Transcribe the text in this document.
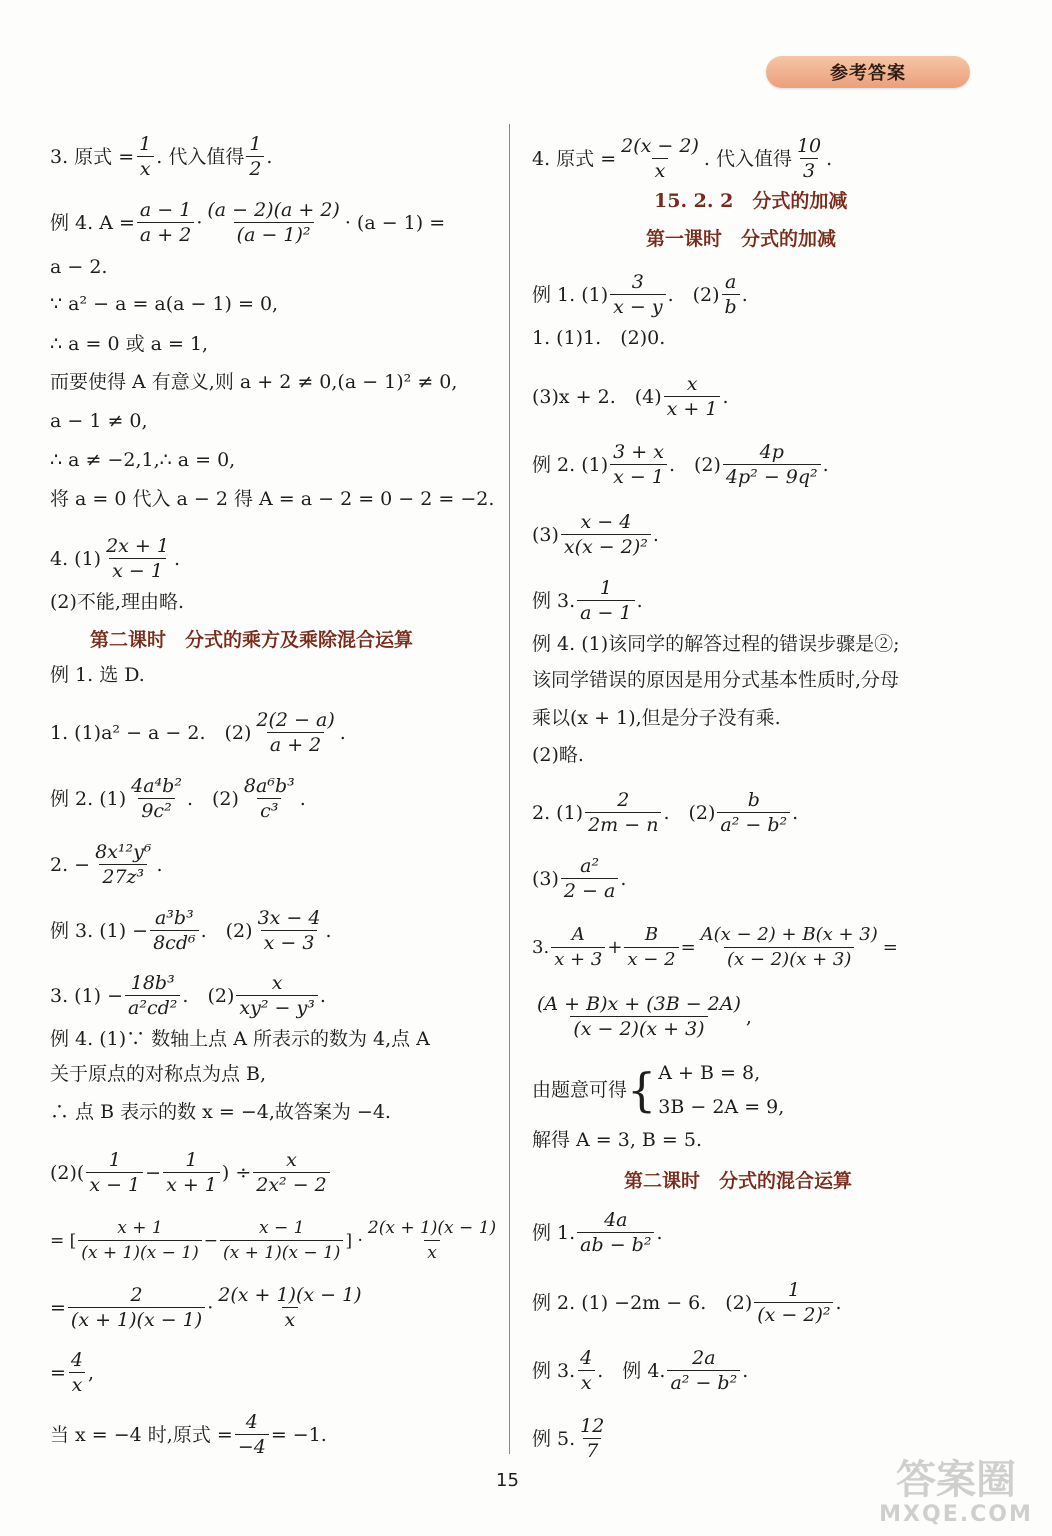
参考答案
3. 原式 = $\frac{1}{x}$ . 代入值得 $\frac{1}{2}$ .
例 4. $A = \frac{a - 1}{a + 2} \cdot \frac{(a - 2)(a + 2)}{\text{(a − 1)²}} \cdot (a - 1)$ =
a − 2.
∵ a² − a = a(a − 1) = 0,
∴ a = 0 或 a = 1,
而要使得 A 有意义,则 a + 2 ≠ 0,(a − 1)² ≠ 0,
a − 1 ≠ 0,
∴ a ≠ −2,1,∴ a = 0,
将 a = 0 代入 a − 2 得 A = a − 2 = 0 − 2 = −2.
4. $(1) \frac{2x + 1}{x - 1}$ .
(2)不能,理由略.
第二课时　分式的乘方及乘除混合运算
例 1. 选 D.
1. (1)a² − a − 2.　$(2) \frac{2(2 - a)}{a + 2}$ .
例 2. $(1) \frac{\text{4a⁴b²}}{\text{9c²}}$ .　$(2) \frac{\text{8a⁶b³}}{\text{c³}}$ .
2. − $\frac{\text{8x¹²y⁶}}{\text{27z³}}$ .
例 3. $(1) - \frac{\text{a³b³}}{\text{8cd⁶}}$ .　$(2) \frac{3x - 4}{x - 3}$ .
3. $(1) - \frac{\text{18b³}}{\text{a²cd²}}$ .　$(2) \frac{x}{\text{xy² − y³}}$ .
例 4. (1)∵ 数轴上点 A 所表示的数为 4,点 A
关于原点的对称点为点 B,
∴ 点 B 表示的数 x = −4,故答案为 −4.
$(2)( \frac{1}{x - 1} - \frac{1}{x + 1}$ ) ÷ $\frac{x}{\text{2x² − 2}}$
= [ $\frac{x + 1}{(x + 1)(x - 1)} - \frac{x - 1}{(x + 1)(x - 1)}$ ] · $\frac{2(x + 1)(x - 1)}{x}$
= $\frac{2}{(x + 1)(x - 1)} \cdot \frac{2(x + 1)(x - 1)}{x}$
= $\frac{4}{x}$ ,
当 x = −4 时,原式 = $\frac{4}{-4} = -1$.
4. 原式 = $\frac{2(x - 2)}{x}$ . 代入值得 $\frac{10}{3}$ .
15. 2. 2　分式的加减
第一课时　分式的加减
例 1. $(1) \frac{3}{x - y}$ .　$(2) \frac{a}{b}$ .
1. (1)1.　(2)0.
(3)x + 2.　$(4) \frac{x}{x + 1}$ .
例 2. $(1) \frac{3 + x}{x - 1}$ .　$(2) \frac{4p}{\text{4p² − 9q²}}$ .
$(3) \frac{x - 4}{\text{x(x − 2)²}}$ .
例 3. $\frac{1}{a - 1}$ .
例 4. (1)该同学的解答过程的错误步骤是②;
该同学错误的原因是用分式基本性质时,分母
乘以(x + 1),但是分子没有乘.
(2)略.
2. $(1) \frac{2}{2m - n}$ .　$(2) \frac{b}{\text{a² − b²}}$ .
$(3) \frac{\text{a²}}{2 - a}$ .
3. $\frac{A}{x + 3} + \frac{B}{x - 2} = \frac{A(x - 2) + B(x + 3)}{(x - 2)(x + 3)}$ =
$\frac{(A + B)x + (3B - 2A)}{(x - 2)(x + 3)}$ ,
由题意可得 { A + B = 8,
3B − 2A = 9,
解得 A = 3, B = 5.
第二课时　分式的混合运算
例 1. $\frac{4a}{\text{ab − b²}}$ .
例 2. (1) −2m − 6.　$(2) \frac{1}{\text{(x − 2)²}}$ .
例 3. $\frac{4}{x}$ .　例 4. $\frac{2a}{\text{a² − b²}}$ .
例 5. $\frac{12}{7}$
15	答案圈
MXQE.COM
